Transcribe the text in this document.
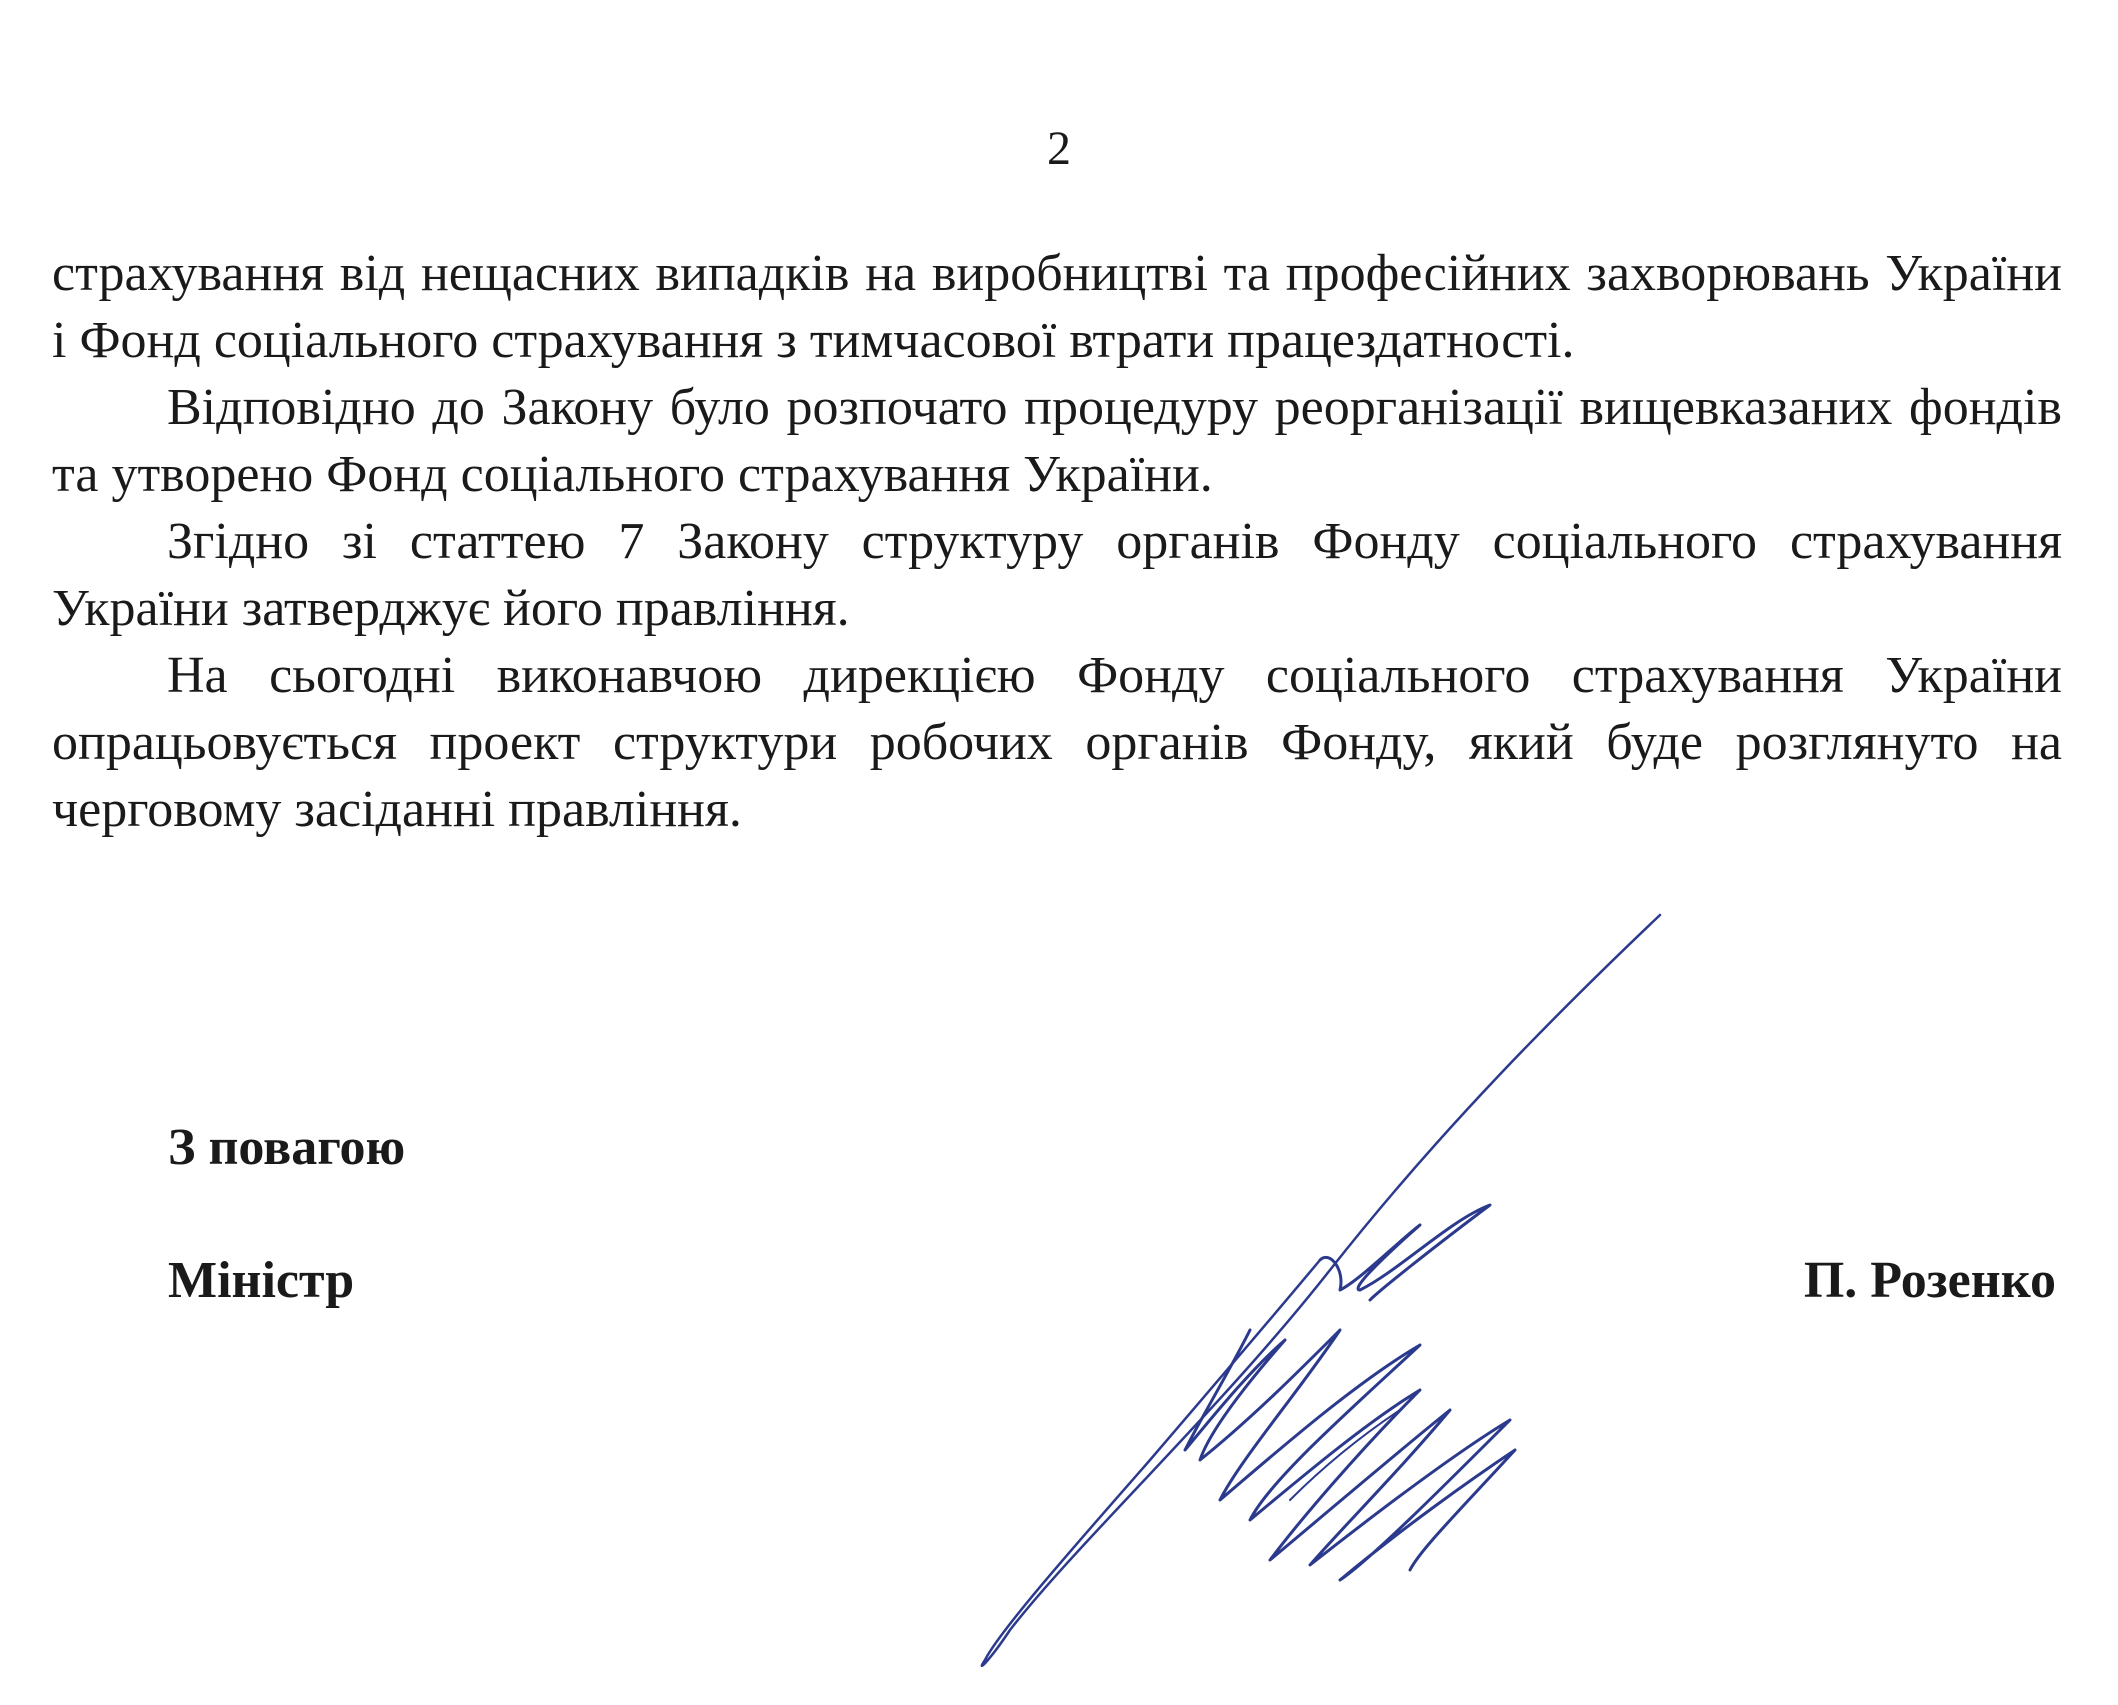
2

страхування від нещасних випадків на виробництві та професійних захворювань України і Фонд соціального страхування з тимчасової втрати працездатності.

Відповідно до Закону було розпочато процедуру реорганізації вищевказаних фондів та утворено Фонд соціального страхування України.

Згідно зі статтею 7 Закону структуру органів Фонду соціального страхування України затверджує його правління.

На сьогодні виконавчою дирекцією Фонду соціального страхування України опрацьовується проект структури робочих органів Фонду, який буде розглянуто на черговому засіданні правління.

З повагою
Міністр	П. Розенко
